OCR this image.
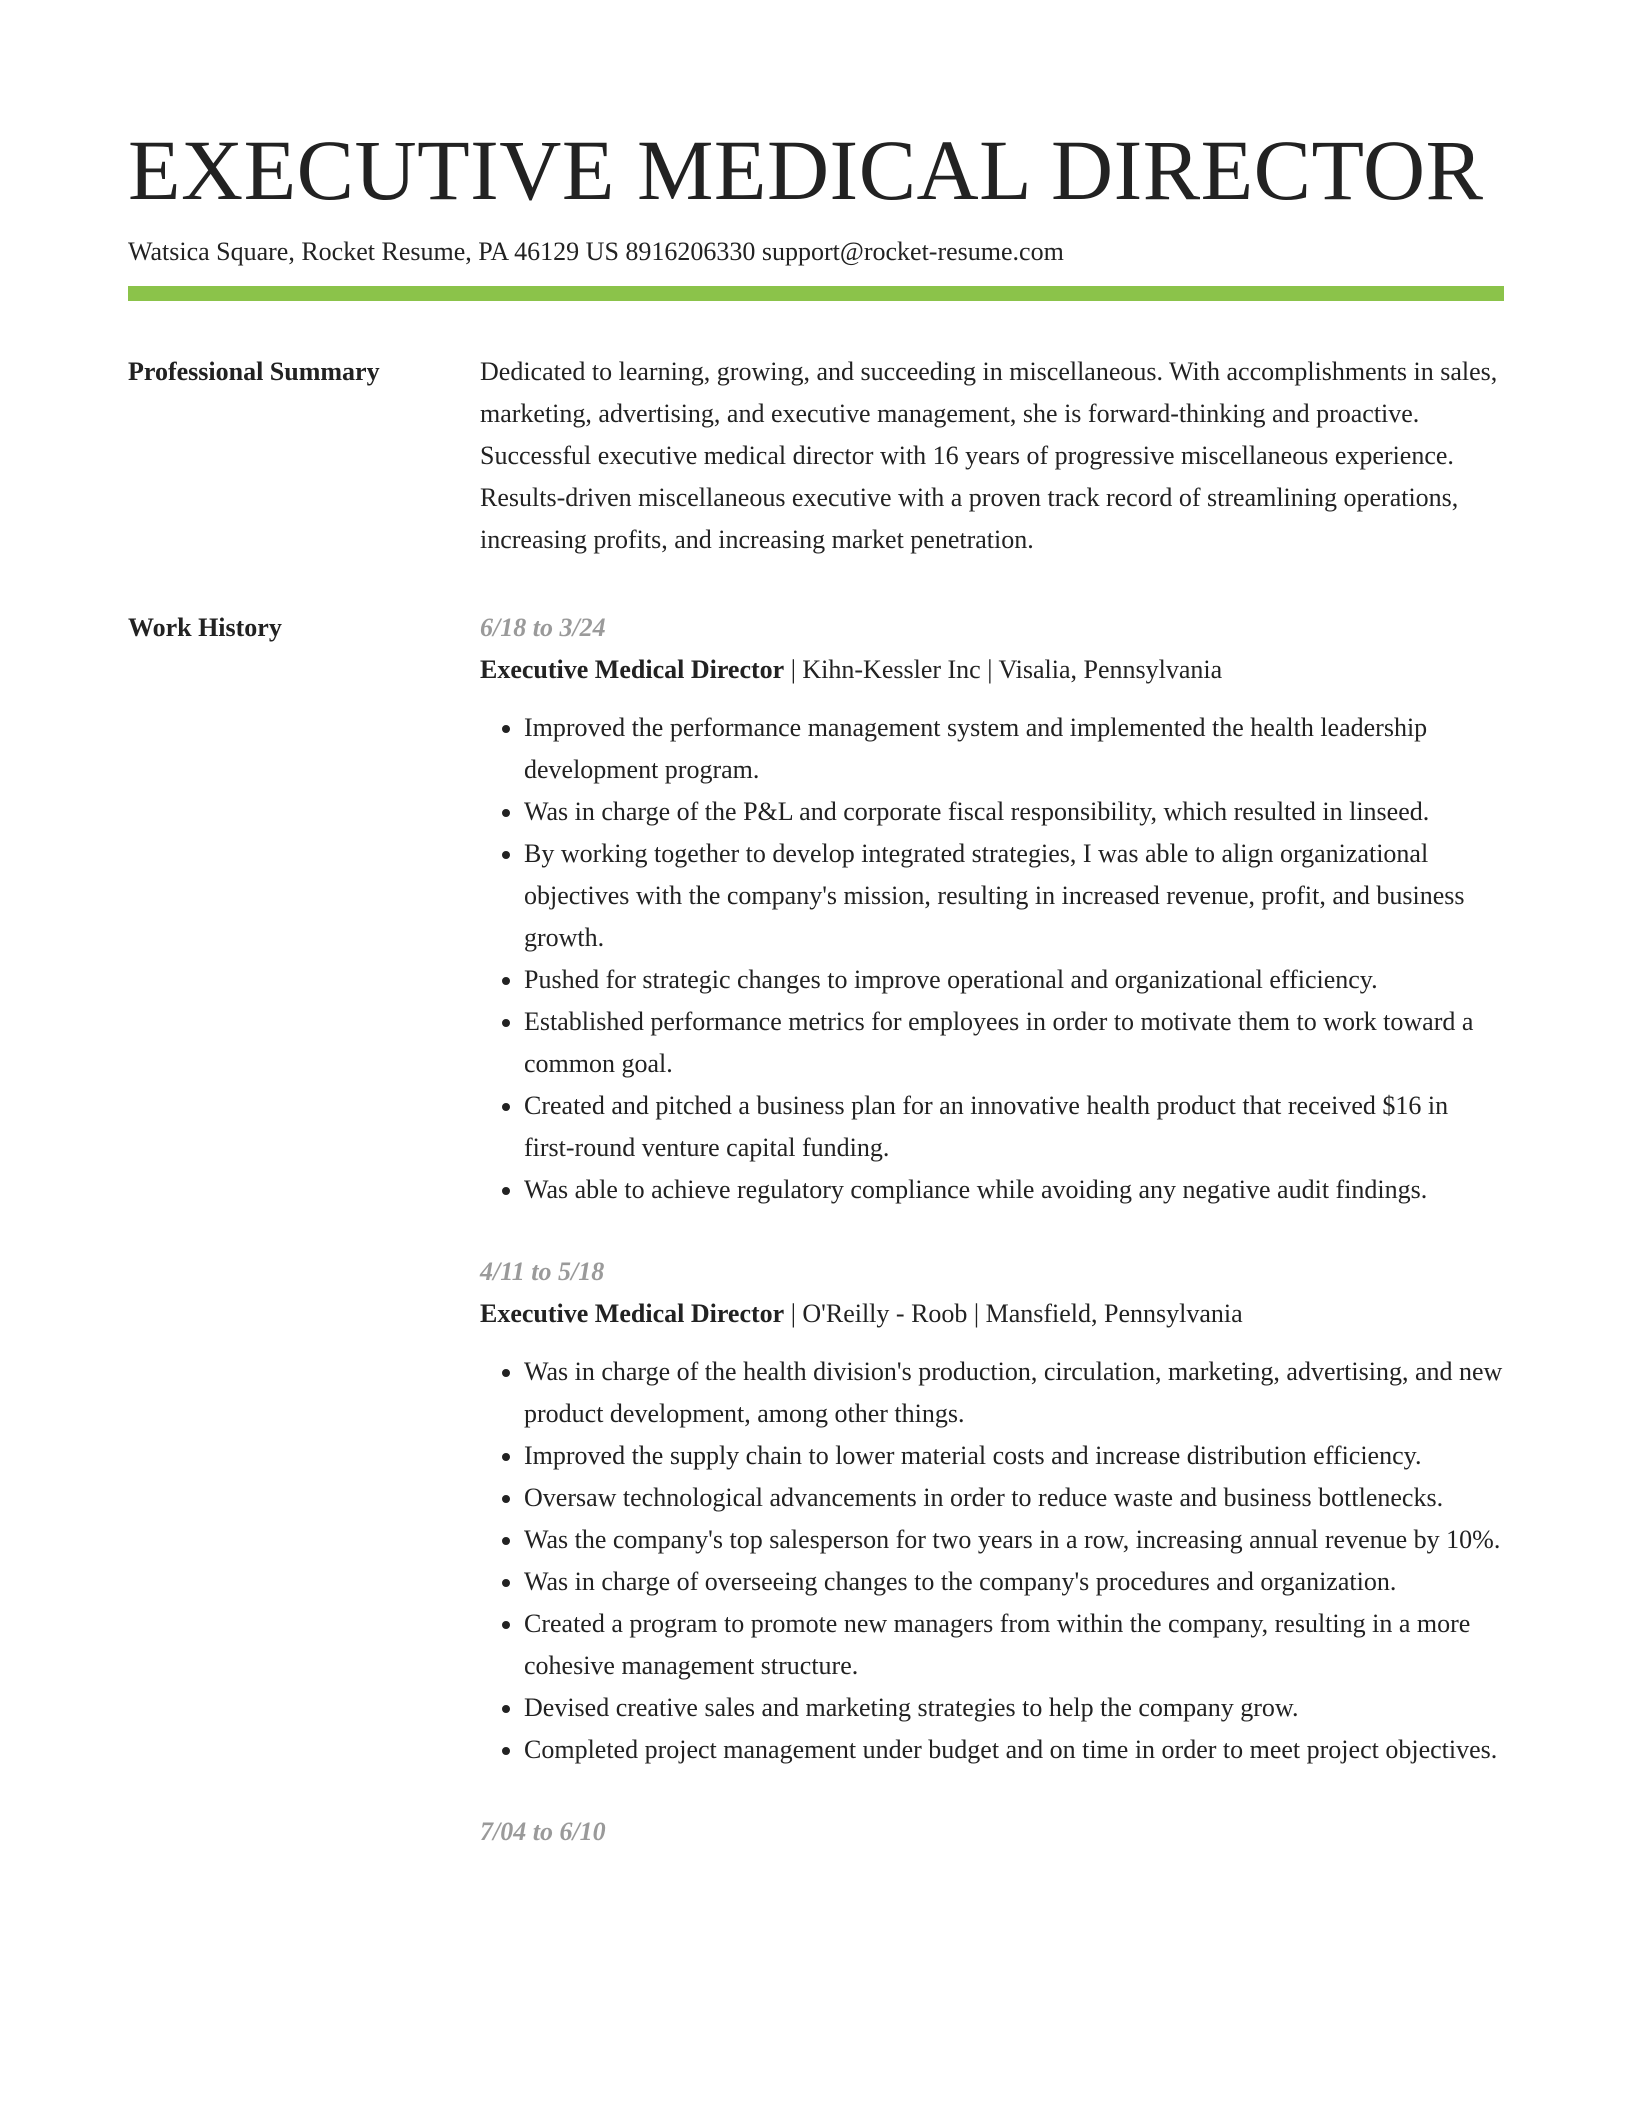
EXECUTIVE MEDICAL DIRECTOR
Watsica Square, Rocket Resume, PA 46129 US 8916206330 support@rocket-resume.com
Professional Summary	Dedicated to learning, growing, and succeeding in miscellaneous. With accomplishments in sales, marketing, advertising, and executive management, she is forward-thinking and proactive. Successful executive medical director with 16 years of progressive miscellaneous experience. Results-driven miscellaneous executive with a proven track record of streamlining operations, increasing profits, and increasing market penetration.

Work History	6/18 to 3/24
Executive Medical Director | Kihn-Kessler Inc | Visalia, Pennsylvania
• Improved the performance management system and implemented the health leadership development program.
• Was in charge of the P&L and corporate fiscal responsibility, which resulted in linseed.
• By working together to develop integrated strategies, I was able to align organizational objectives with the company's mission, resulting in increased revenue, profit, and business growth.
• Pushed for strategic changes to improve operational and organizational efficiency.
• Established performance metrics for employees in order to motivate them to work toward a common goal.
• Created and pitched a business plan for an innovative health product that received $16 in first-round venture capital funding.
• Was able to achieve regulatory compliance while avoiding any negative audit findings.
4/11 to 5/18
Executive Medical Director | O'Reilly - Roob | Mansfield, Pennsylvania
• Was in charge of the health division's production, circulation, marketing, advertising, and new product development, among other things.
• Improved the supply chain to lower material costs and increase distribution efficiency.
• Oversaw technological advancements in order to reduce waste and business bottlenecks.
• Was the company's top salesperson for two years in a row, increasing annual revenue by 10%.
• Was in charge of overseeing changes to the company's procedures and organization.
• Created a program to promote new managers from within the company, resulting in a more cohesive management structure.
• Devised creative sales and marketing strategies to help the company grow.
• Completed project management under budget and on time in order to meet project objectives.
7/04 to 6/10
